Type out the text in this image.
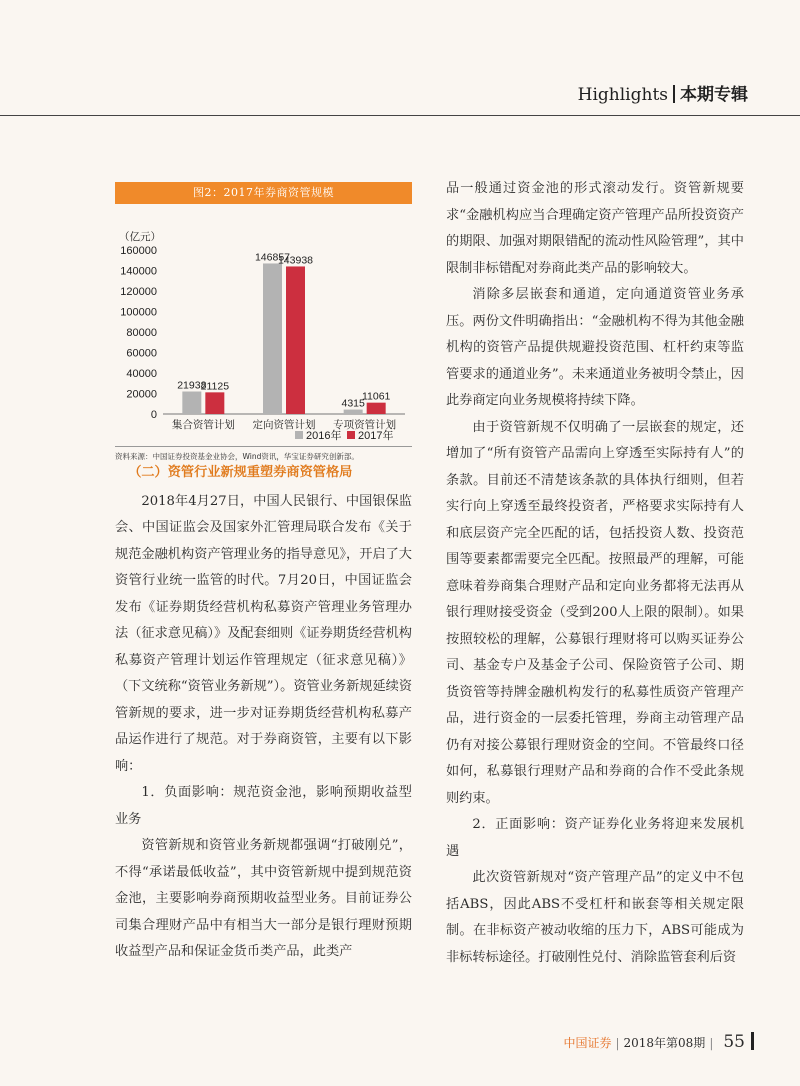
Highlights 本期专辑
图2：2017年券商资管规模
（亿元）
0
20000
40000
60000
80000
100000
120000
140000
160000
21938
21125
集合资管计划
146857
143938
定向资管计划
4315
11061
专项资管计划
2016年 2017年
资料来源：中国证券投资基金业协会，Wind资讯，华宝证券研究创新部。

（二）资管行业新规重塑券商资管格局

2018年4月27日，中国人民银行、中国银保监会、中国证监会及国家外汇管理局联合发布《关于规范金融机构资产管理业务的指导意见》，开启了大资管行业统一监管的时代。7月20日，中国证监会发布《证券期货经营机构私募资产管理业务管理办法（征求意见稿）》及配套细则《证券期货经营机构私募资产管理计划运作管理规定（征求意见稿）》（下文统称“资管业务新规”）。资管业务新规延续资管新规的要求，进一步对证券期货经营机构私募产品运作进行了规范。对于券商资管，主要有以下影响：

1．负面影响：规范资金池，影响预期收益型业务

资管新规和资管业务新规都强调“打破刚兑”，不得“承诺最低收益”，其中资管新规中提到规范资金池，主要影响券商预期收益型业务。目前证券公司集合理财产品中有相当大一部分是银行理财预期收益型产品和保证金货币类产品，此类产

品一般通过资金池的形式滚动发行。资管新规要求“金融机构应当合理确定资产管理产品所投资资产的期限、加强对期限错配的流动性风险管理”，其中限制非标错配对券商此类产品的影响较大。

消除多层嵌套和通道，定向通道资管业务承压。两份文件明确指出：“金融机构不得为其他金融机构的资管产品提供规避投资范围、杠杆约束等监管要求的通道业务”。未来通道业务被明令禁止，因此券商定向业务规模将持续下降。

由于资管新规不仅明确了一层嵌套的规定，还增加了“所有资管产品需向上穿透至实际持有人”的条款。目前还不清楚该条款的具体执行细则，但若实行向上穿透至最终投资者，严格要求实际持有人和底层资产完全匹配的话，包括投资人数、投资范围等要素都需要完全匹配。按照最严的理解，可能意味着券商集合理财产品和定向业务都将无法再从银行理财接受资金（受到200人上限的限制）。如果按照较松的理解，公募银行理财将可以购买证券公司、基金专户及基金子公司、保险资管子公司、期货资管等持牌金融机构发行的私募性质资产管理产品，进行资金的一层委托管理，券商主动管理产品仍有对接公募银行理财资金的空间。不管最终口径如何，私募银行理财产品和券商的合作不受此条规则约束。

2．正面影响：资产证券化业务将迎来发展机遇

此次资管新规对“资产管理产品”的定义中不包括ABS，因此ABS不受杠杆和嵌套等相关规定限制。在非标资产被动收缩的压力下，ABS可能成为非标转标途径。打破刚性兑付、消除监管套利后资

中国证券 | 2018年第08期 | 55
